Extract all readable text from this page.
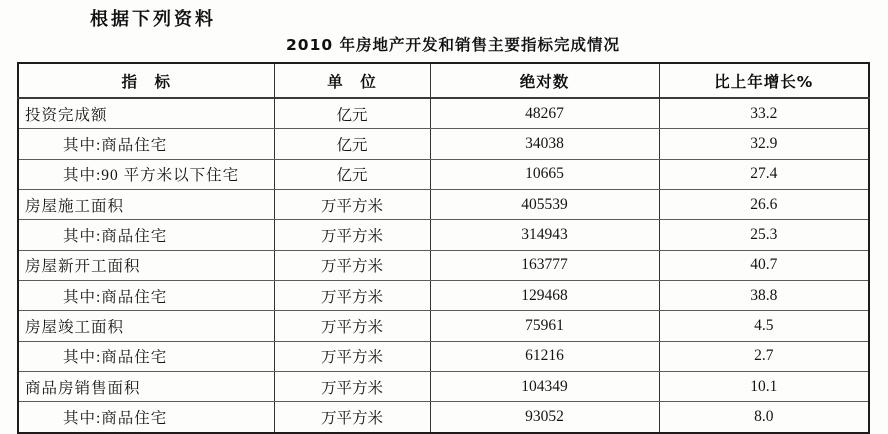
根据下列资料
2010 年房地产开发和销售主要指标完成情况
指　标	单　位	绝对数	比上年增长%
投资完成额	亿元	48267	33.2
其中:商品住宅	亿元	34038	32.9
其中:90 平方米以下住宅	亿元	10665	27.4
房屋施工面积	万平方米	405539	26.6
其中:商品住宅	万平方米	314943	25.3
房屋新开工面积	万平方米	163777	40.7
其中:商品住宅	万平方米	129468	38.8
房屋竣工面积	万平方米	75961	4.5
其中:商品住宅	万平方米	61216	2.7
商品房销售面积	万平方米	104349	10.1
其中:商品住宅	万平方米	93052	8.0
